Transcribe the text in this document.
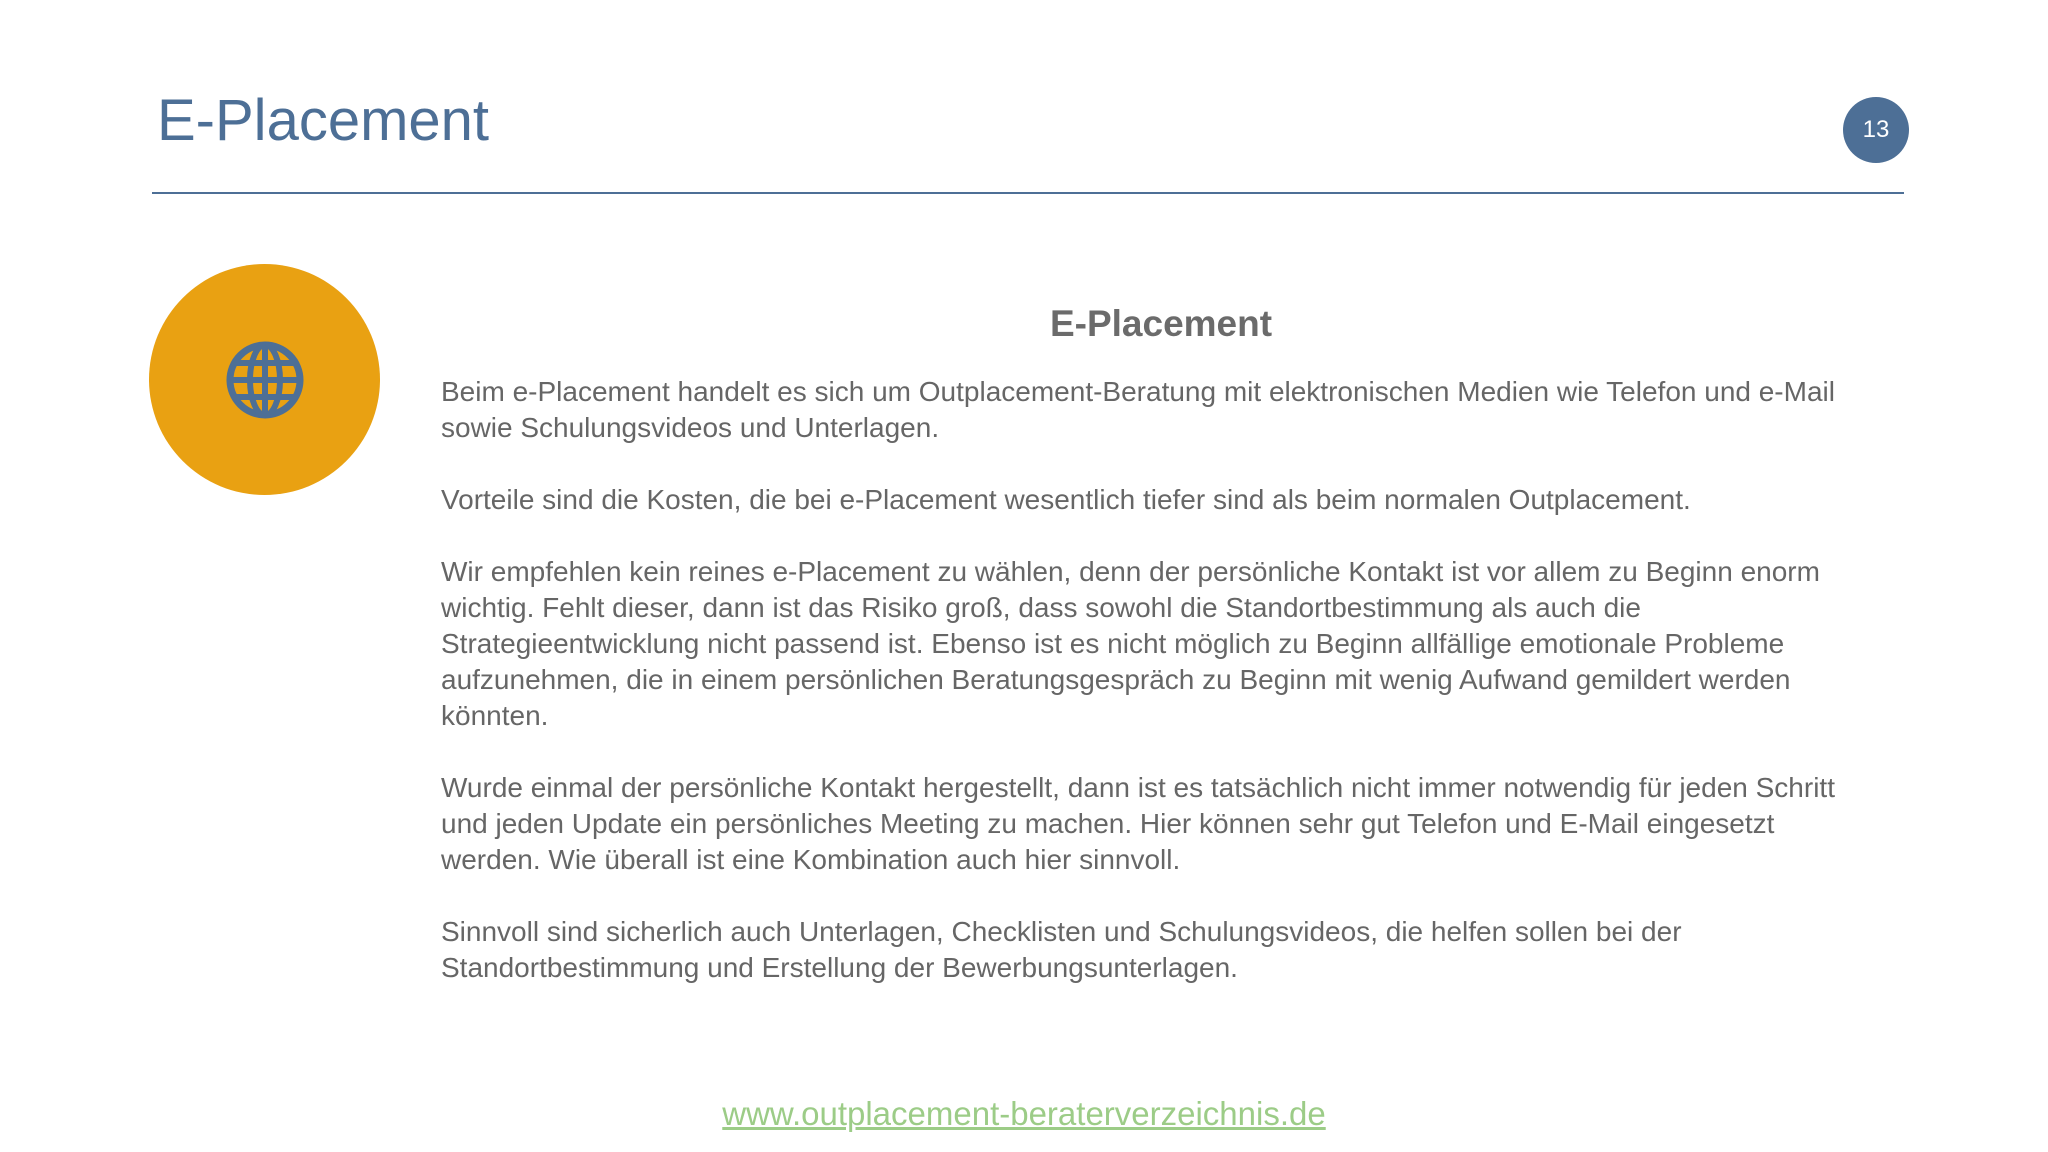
E-Placement	13
E-Placement

Beim e-Placement handelt es sich um Outplacement-Beratung mit elektronischen Medien wie Telefon und e-Mail sowie Schulungsvideos und Unterlagen.

Vorteile sind die Kosten, die bei e-Placement wesentlich tiefer sind als beim normalen Outplacement.

Wir empfehlen kein reines e-Placement zu wählen, denn der persönliche Kontakt ist vor allem zu Beginn enorm wichtig. Fehlt dieser, dann ist das Risiko groß, dass sowohl die Standortbestimmung als auch die Strategieentwicklung nicht passend ist. Ebenso ist es nicht möglich zu Beginn allfällige emotionale Probleme aufzunehmen, die in einem persönlichen Beratungsgespräch zu Beginn mit wenig Aufwand gemildert werden könnten.

Wurde einmal der persönliche Kontakt hergestellt, dann ist es tatsächlich nicht immer notwendig für jeden Schritt und jeden Update ein persönliches Meeting zu machen. Hier können sehr gut Telefon und E-Mail eingesetzt werden. Wie überall ist eine Kombination auch hier sinnvoll.

Sinnvoll sind sicherlich auch Unterlagen, Checklisten und Schulungsvideos, die helfen sollen bei der Standortbestimmung und Erstellung der Bewerbungsunterlagen.

www.outplacement-beraterverzeichnis.de
